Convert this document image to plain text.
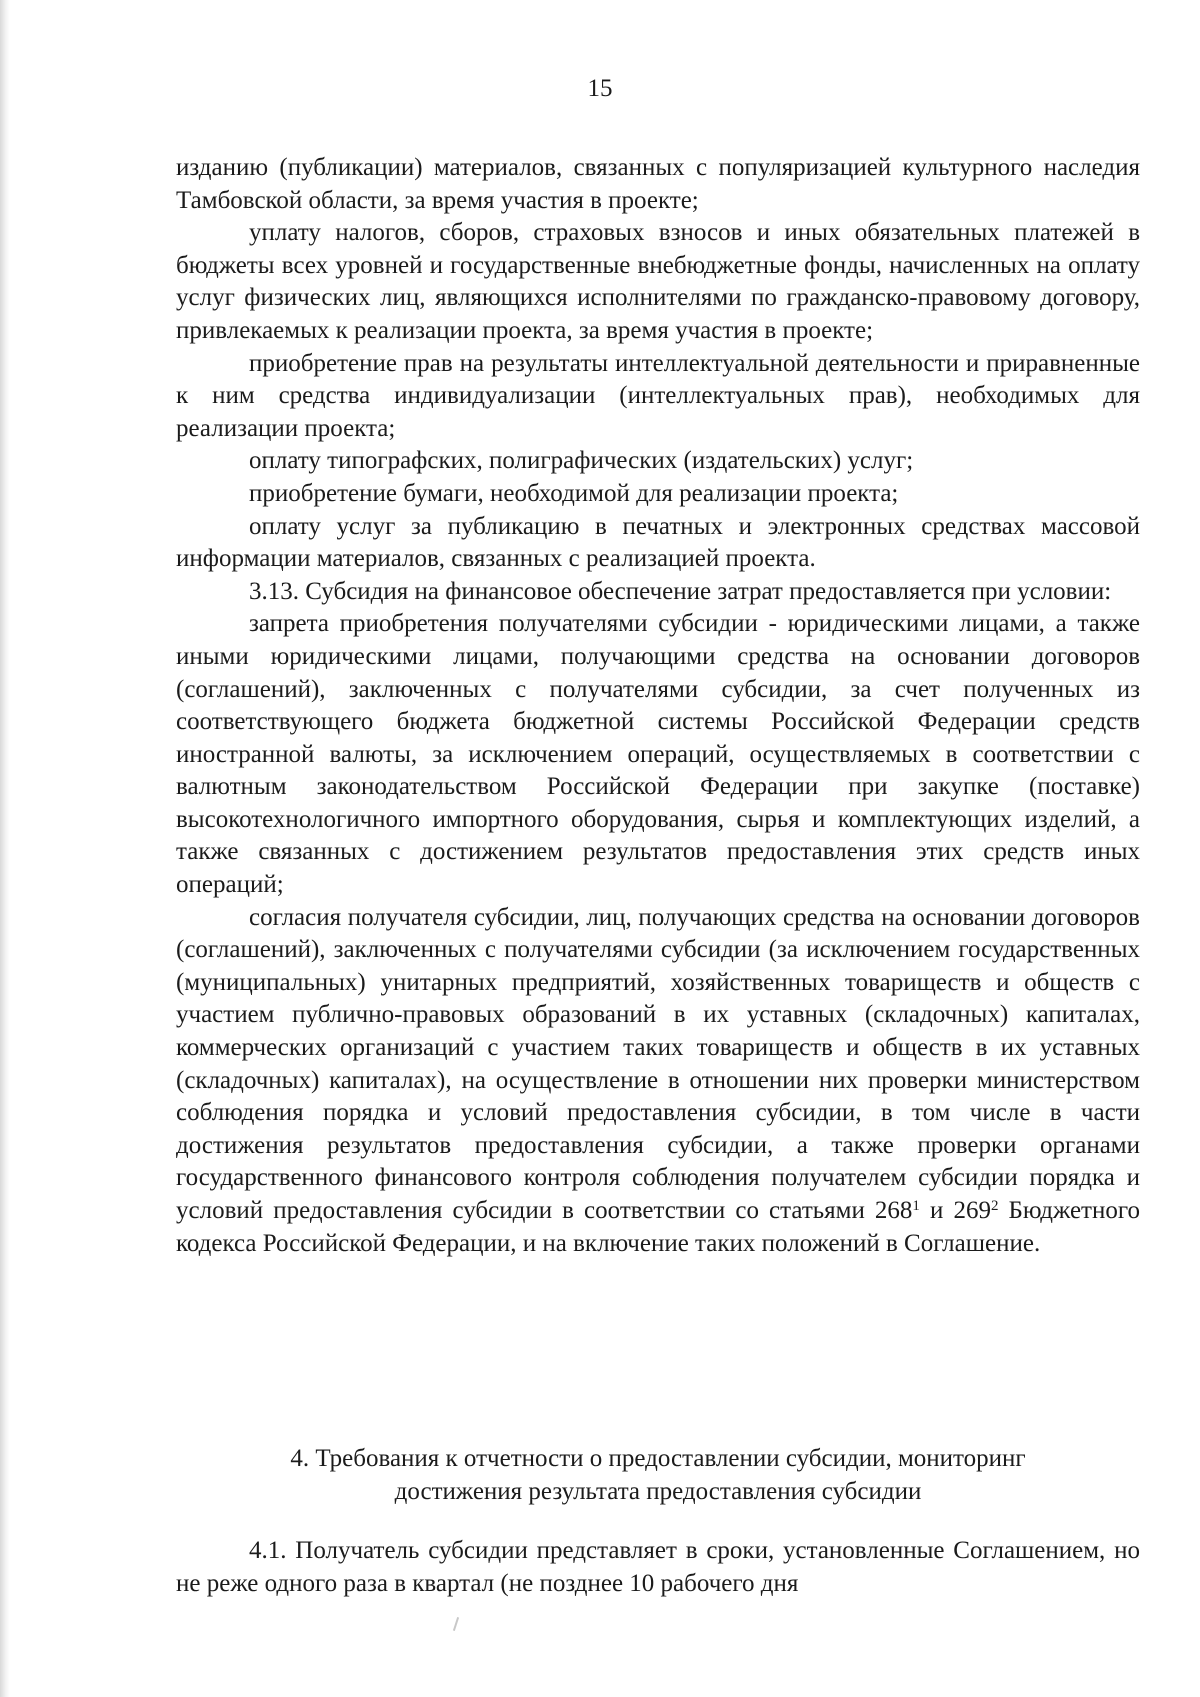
15

изданию (публикации) материалов, связанных с популяризацией культурного наследия Тамбовской области, за время участия в проекте;

уплату налогов, сборов, страховых взносов и иных обязательных платежей в бюджеты всех уровней и государственные внебюджетные фонды, начисленных на оплату услуг физических лиц, являющихся исполнителями по гражданско-правовому договору, привлекаемых к реализации проекта, за время участия в проекте;

приобретение прав на результаты интеллектуальной деятельности и приравненные к ним средства индивидуализации (интеллектуальных прав), необходимых для реализации проекта;

оплату типографских, полиграфических (издательских) услуг;

приобретение бумаги, необходимой для реализации проекта;

оплату услуг за публикацию в печатных и электронных средствах массовой информации материалов, связанных с реализацией проекта.

3.13. Субсидия на финансовое обеспечение затрат предоставляется при условии:

запрета приобретения получателями субсидии - юридическими лицами, а также иными юридическими лицами, получающими средства на основании договоров (соглашений), заключенных с получателями субсидии, за счет полученных из соответствующего бюджета бюджетной системы Российской Федерации средств иностранной валюты, за исключением операций, осуществляемых в соответствии с валютным законодательством Российской Федерации при закупке (поставке) высокотехнологичного импортного оборудования, сырья и комплектующих изделий, а также связанных с достижением результатов предоставления этих средств иных операций;

согласия получателя субсидии, лиц, получающих средства на основании договоров (соглашений), заключенных с получателями субсидии (за исключением государственных (муниципальных) унитарных предприятий, хозяйственных товариществ и обществ с участием публично-правовых образований в их уставных (складочных) капиталах, коммерческих организаций с участием таких товариществ и обществ в их уставных (складочных) капиталах), на осуществление в отношении них проверки министерством соблюдения порядка и условий предоставления субсидии, в том числе в части достижения результатов предоставления субсидии, а также проверки органами государственного финансового контроля соблюдения получателем субсидии порядка и условий предоставления субсидии в соответствии со статьями $268^1$ и $269^2$ Бюджетного кодекса Российской Федерации, и на включение таких положений в Соглашение.

4. Требования к отчетности о предоставлении субсидии, мониторинг
достижения результата предоставления субсидии

4.1. Получатель субсидии представляет в сроки, установленные Соглашением, но не реже одного раза в квартал (не позднее 10 рабочего дня
